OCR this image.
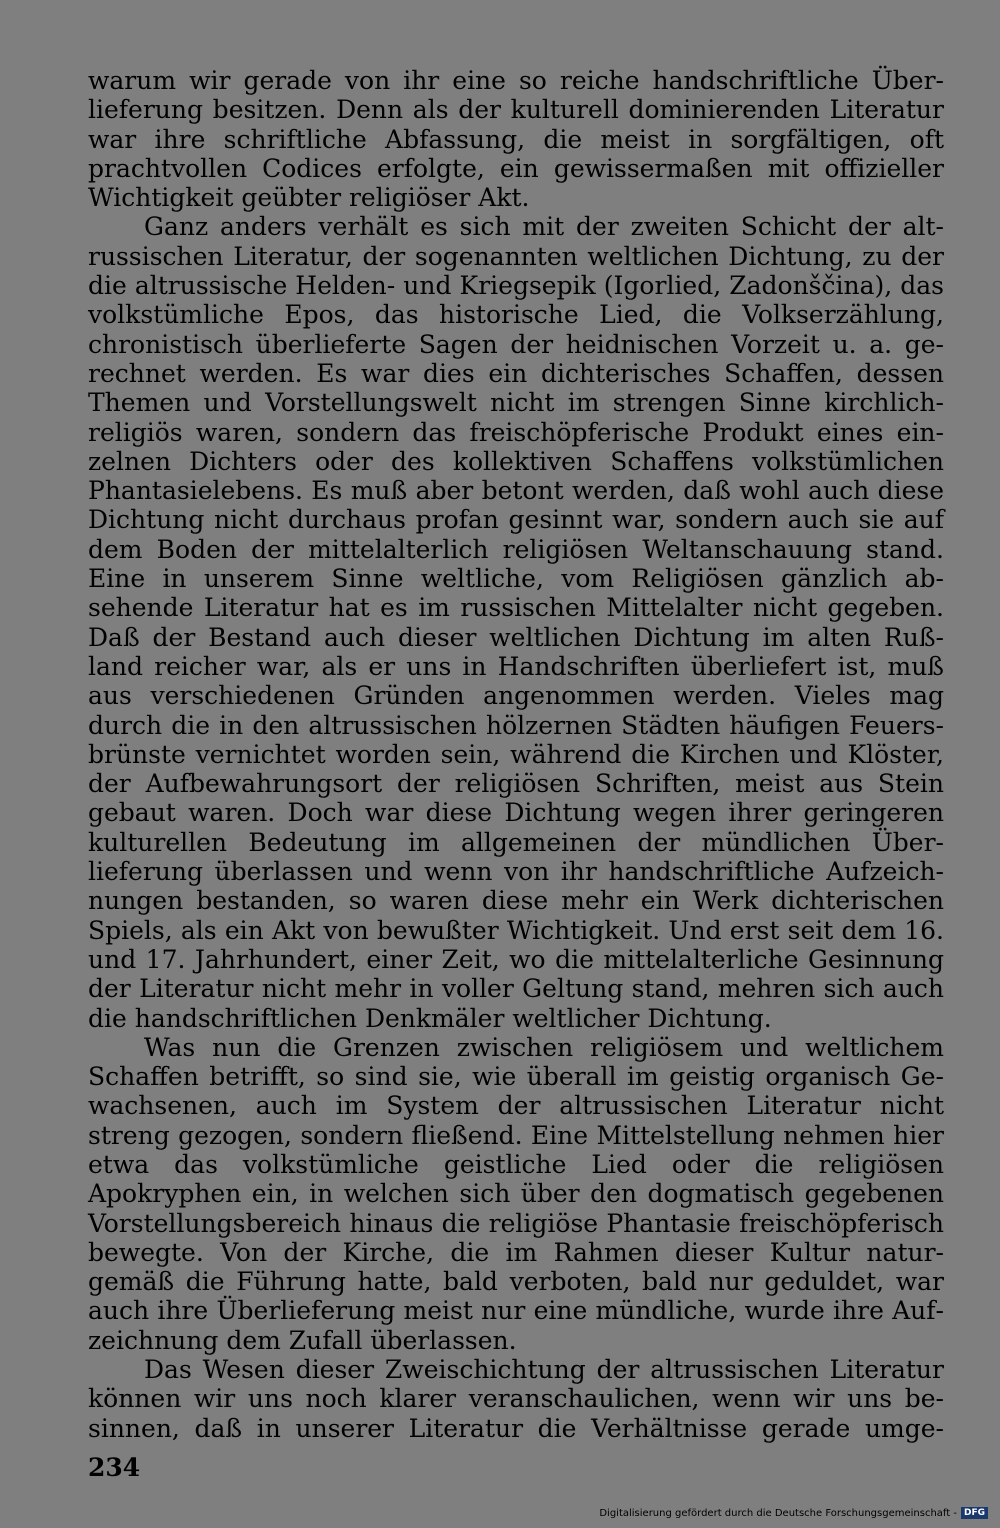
warum wir gerade von ihr eine so reiche handschriftliche Überlieferung besitzen. Denn als der kulturell dominierenden Literatur war ihre schriftliche Abfassung, die meist in sorgfältigen, oft prachtvollen Codices erfolgte, ein gewissermaßen mit offizieller Wichtigkeit geübter religiöser Akt.

Ganz anders verhält es sich mit der zweiten Schicht der altrussischen Literatur, der sogenannten weltlichen Dichtung, zu der die altrussische Helden- und Kriegsepik (Igorlied, Zadonščina), das volkstümliche Epos, das historische Lied, die Volkserzählung, chronistisch überlieferte Sagen der heidnischen Vorzeit u. a. gerechnet werden. Es war dies ein dichterisches Schaffen, dessen Themen und Vorstellungswelt nicht im strengen Sinne kirchlich-religiös waren, sondern das freischöpferische Produkt eines einzelnen Dichters oder des kollektiven Schaffens volkstümlichen Phantasielebens. Es muß aber betont werden, daß wohl auch diese Dichtung nicht durchaus profan gesinnt war, sondern auch sie auf dem Boden der mittelalterlich religiösen Weltanschauung stand. Eine in unserem Sinne weltliche, vom Religiösen gänzlich absehende Literatur hat es im russischen Mittelalter nicht gegeben. Daß der Bestand auch dieser weltlichen Dichtung im alten Rußland reicher war, als er uns in Handschriften überliefert ist, muß aus verschiedenen Gründen angenommen werden. Vieles mag durch die in den altrussischen hölzernen Städten häufigen Feuersbrünste vernichtet worden sein, während die Kirchen und Klöster, der Aufbewahrungsort der religiösen Schriften, meist aus Stein gebaut waren. Doch war diese Dichtung wegen ihrer geringeren kulturellen Bedeutung im allgemeinen der mündlichen Überlieferung überlassen und wenn von ihr handschriftliche Aufzeichnungen bestanden, so waren diese mehr ein Werk dichterischen Spiels, als ein Akt von bewußter Wichtigkeit. Und erst seit dem 16. und 17. Jahrhundert, einer Zeit, wo die mittelalterliche Gesinnung der Literatur nicht mehr in voller Geltung stand, mehren sich auch die handschriftlichen Denkmäler weltlicher Dichtung.

Was nun die Grenzen zwischen religiösem und weltlichem Schaffen betrifft, so sind sie, wie überall im geistig organisch Gewachsenen, auch im System der altrussischen Literatur nicht streng gezogen, sondern fließend. Eine Mittelstellung nehmen hier etwa das volkstümliche geistliche Lied oder die religiösen Apokryphen ein, in welchen sich über den dogmatisch gegebenen Vorstellungsbereich hinaus die religiöse Phantasie freischöpferisch bewegte. Von der Kirche, die im Rahmen dieser Kultur naturgemäß die Führung hatte, bald verboten, bald nur geduldet, war auch ihre Überlieferung meist nur eine mündliche, wurde ihre Aufzeichnung dem Zufall überlassen.

Das Wesen dieser Zweischichtung der altrussischen Literatur können wir uns noch klarer veranschaulichen, wenn wir uns besinnen, daß in unserer Literatur die Verhältnisse gerade umge-

234
Digitalisierung gefördert durch die Deutsche Forschungsgemeinschaft - DFG
